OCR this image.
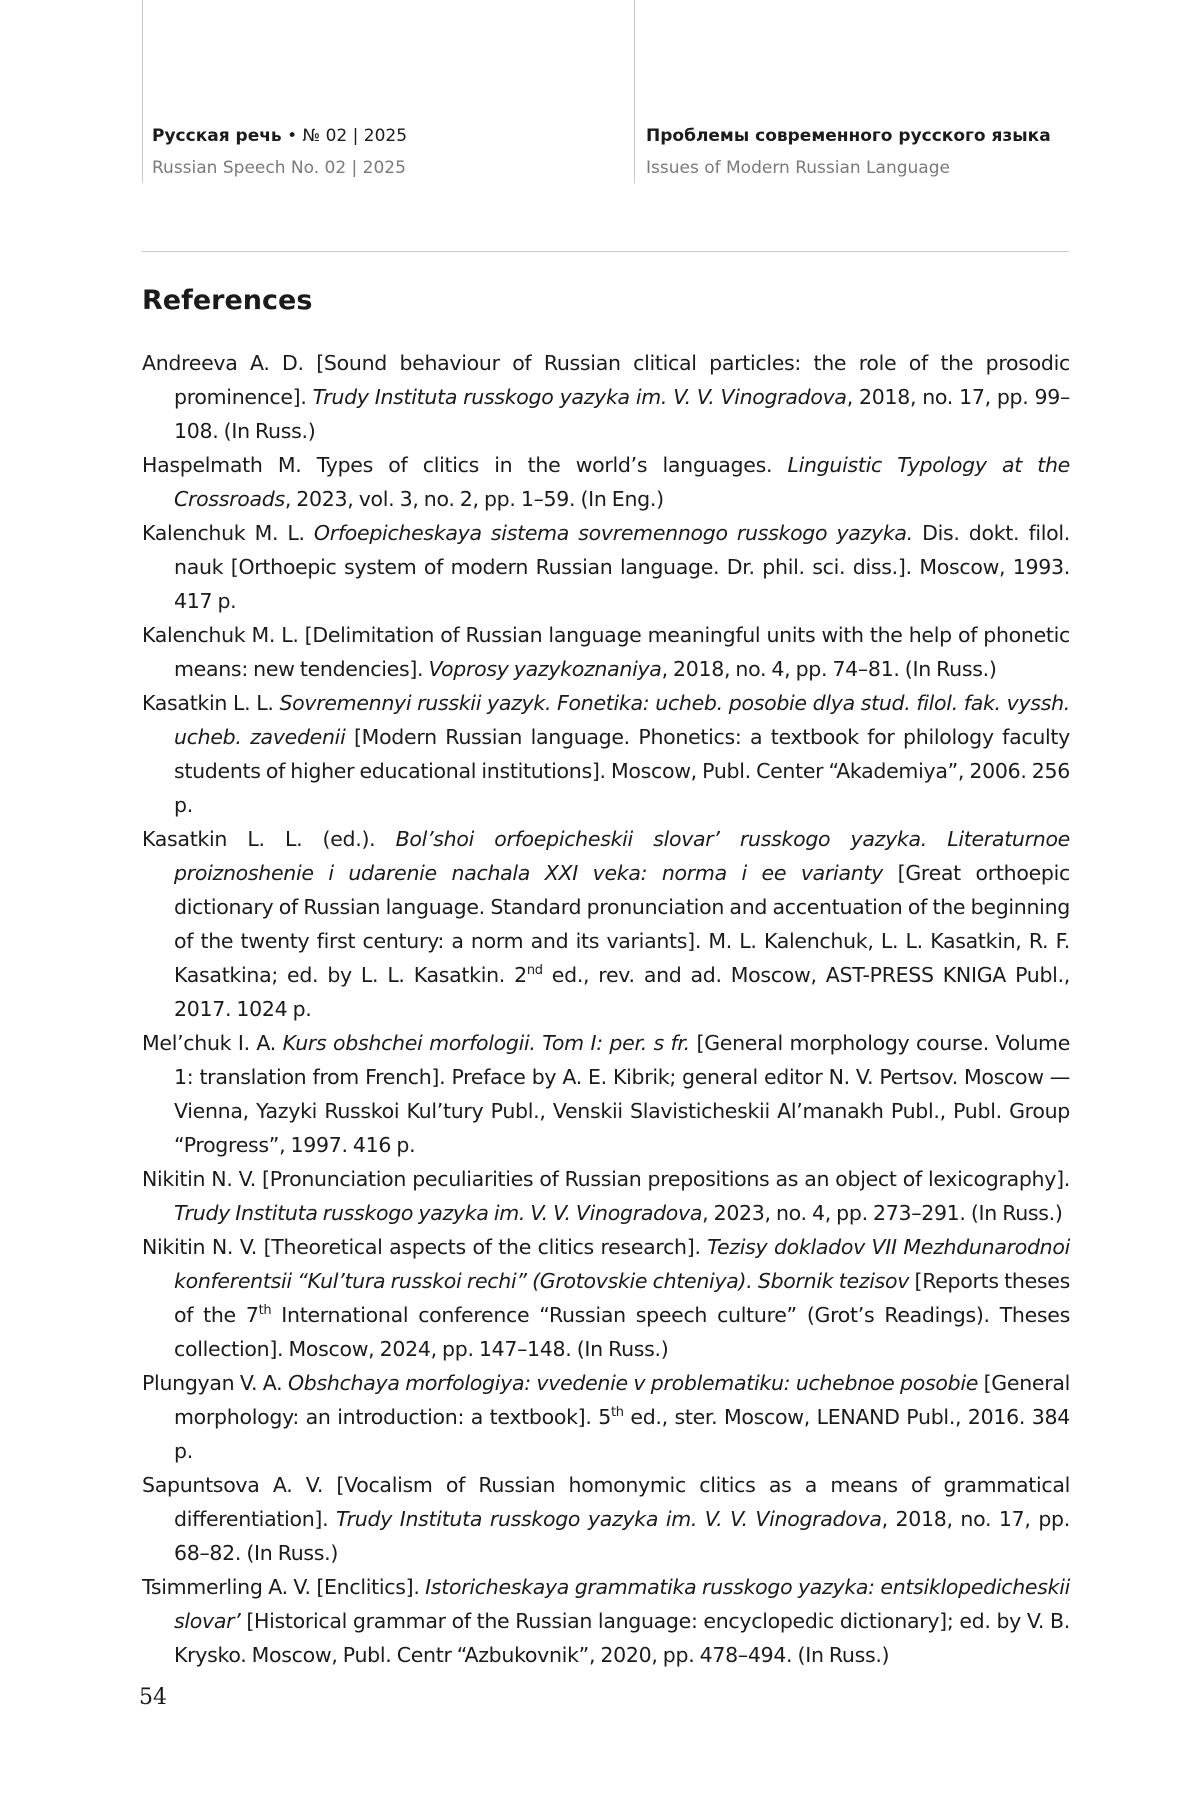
Русская речь • № 02 | 2025
Russian Speech No. 02 | 2025
Проблемы современного русского языка
Issues of Modern Russian Language
References

Andreeva A. D. [Sound behaviour of Russian clitical particles: the role of the prosodic prominence]. Trudy Instituta russkogo yazyka im. V. V. Vinogradova, 2018, no. 17, pp. 99–108. (In Russ.)

Haspelmath M. Types of clitics in the world’s languages. Linguistic Typology at the Crossroads, 2023, vol. 3, no. 2, pp. 1–59. (In Eng.)

Kalenchuk M. L. Orfoepicheskaya sistema sovremennogo russkogo yazyka. Dis. dokt. filol. nauk [Orthoepic system of modern Russian language. Dr. phil. sci. diss.]. Moscow, 1993. 417 p.

Kalenchuk M. L. [Delimitation of Russian language meaningful units with the help of phonetic means: new tendencies]. Voprosy yazykoznaniya, 2018, no. 4, pp. 74–81. (In Russ.)

Kasatkin L. L. Sovremennyi russkii yazyk. Fonetika: ucheb. posobie dlya stud. filol. fak. vyssh. ucheb. zavedenii [Modern Russian language. Phonetics: a textbook for philology faculty students of higher educational institutions]. Moscow, Publ. Center “Akademiya”, 2006. 256 p.

Kasatkin L. L. (ed.). Bol’shoi orfoepicheskii slovar’ russkogo yazyka. Literaturnoe proiznoshenie i udarenie nachala XXI veka: norma i ee varianty [Great orthoepic dictionary of Russian language. Standard pronunciation and accentuation of the beginning of the twenty first century: a norm and its variants]. M. L. Kalenchuk, L. L. Kasatkin, R. F. Kasatkina; ed. by L. L. Kasatkin. 2nd ed., rev. and ad. Moscow, AST-PRESS KNIGA Publ., 2017. 1024 p.

Mel’chuk I. A. Kurs obshchei morfologii. Tom I: per. s fr. [General morphology course. Volume 1: translation from French]. Preface by A. E. Kibrik; general editor N. V. Pertsov. Moscow — Vienna, Yazyki Russkoi Kul’tury Publ., Venskii Slavisticheskii Al’manakh Publ., Publ. Group “Progress”, 1997. 416 p.

Nikitin N. V. [Pronunciation peculiarities of Russian prepositions as an object of lexicography]. Trudy Instituta russkogo yazyka im. V. V. Vinogradova, 2023, no. 4, pp. 273–291. (In Russ.)

Nikitin N. V. [Theoretical aspects of the clitics research]. Tezisy dokladov VII Mezhdunarodnoi konferentsii “Kul’tura russkoi rechi” (Grotovskie chteniya). Sbornik tezisov [Reports theses of the 7th International conference “Russian speech culture” (Grot’s Readings). Theses collection]. Moscow, 2024, pp. 147–148. (In Russ.)

Plungyan V. A. Obshchaya morfologiya: vvedenie v problematiku: uchebnoe posobie [General morphology: an introduction: a textbook]. 5th ed., ster. Moscow, LENAND Publ., 2016. 384 p.

Sapuntsova A. V. [Vocalism of Russian homonymic clitics as a means of grammatical differentiation]. Trudy Instituta russkogo yazyka im. V. V. Vinogradova, 2018, no. 17, pp. 68–82. (In Russ.)

Tsimmerling A. V. [Enclitics]. Istoricheskaya grammatika russkogo yazyka: entsiklopedicheskii slovar’ [Historical grammar of the Russian language: encyclopedic dictionary]; ed. by V. B. Krysko. Moscow, Publ. Centr “Azbukovnik”, 2020, pp. 478–494. (In Russ.)

54
